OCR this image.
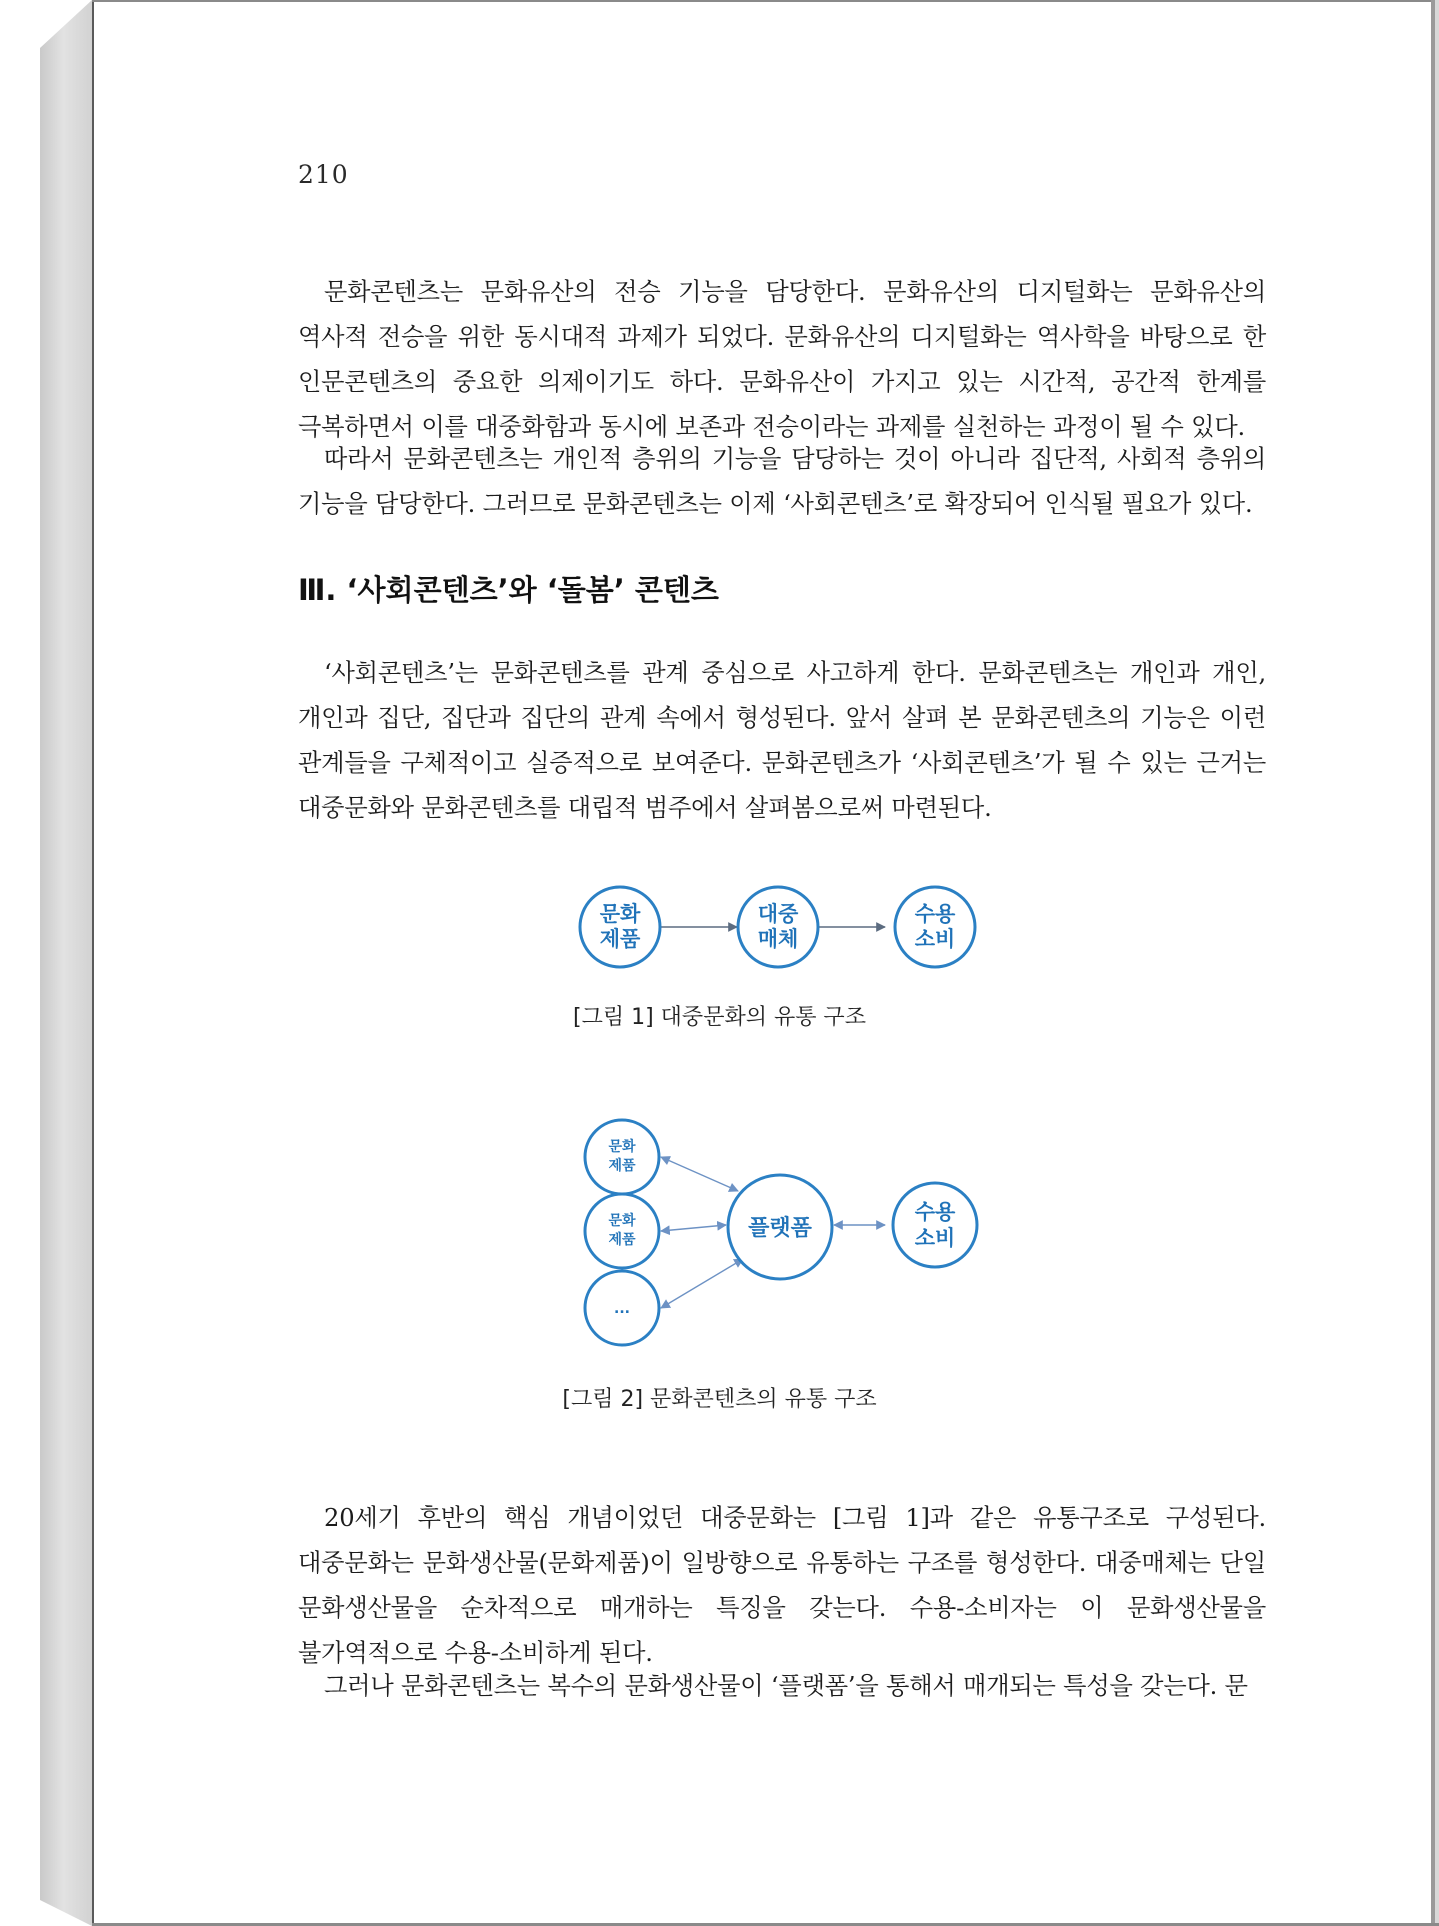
210

문화콘텐츠는 문화유산의 전승 기능을 담당한다. 문화유산의 디지털화는 문화유산의 역사적 전승을 위한 동시대적 과제가 되었다. 문화유산의 디지털화는 역사학을 바탕으로 한 인문콘텐츠의 중요한 의제이기도 하다. 문화유산이 가지고 있는 시간적, 공간적 한계를 극복하면서 이를 대중화함과 동시에 보존과 전승이라는 과제를 실천하는 과정이 될 수 있다.

따라서 문화콘텐츠는 개인적 층위의 기능을 담당하는 것이 아니라 집단적, 사회적 층위의 기능을 담당한다. 그러므로 문화콘텐츠는 이제 ‘사회콘텐츠’로 확장되어 인식될 필요가 있다.

Ⅲ. ‘사회콘텐츠’와 ‘돌봄’ 콘텐츠

‘사회콘텐츠’는 문화콘텐츠를 관계 중심으로 사고하게 한다. 문화콘텐츠는 개인과 개인, 개인과 집단, 집단과 집단의 관계 속에서 형성된다. 앞서 살펴 본 문화콘텐츠의 기능은 이런 관계들을 구체적이고 실증적으로 보여준다. 문화콘텐츠가 ‘사회콘텐츠’가 될 수 있는 근거는 대중문화와 문화콘텐츠를 대립적 범주에서 살펴봄으로써 마련된다.

문화
제품
대중
매체
수용
소비
[그림 1] 대중문화의 유통 구조
문화
제품
문화
제품
...
플랫폼
수용
소비
[그림 2] 문화콘텐츠의 유통 구조

20세기 후반의 핵심 개념이었던 대중문화는 [그림 1]과 같은 유통구조로 구성된다. 대중문화는 문화생산물(문화제품)이 일방향으로 유통하는 구조를 형성한다. 대중매체는 단일 문화생산물을 순차적으로 매개하는 특징을 갖는다. 수용-소비자는 이 문화생산물을 불가역적으로 수용-소비하게 된다.

그러나 문화콘텐츠는 복수의 문화생산물이 ‘플랫폼’을 통해서 매개되는 특성을 갖는다. 문
